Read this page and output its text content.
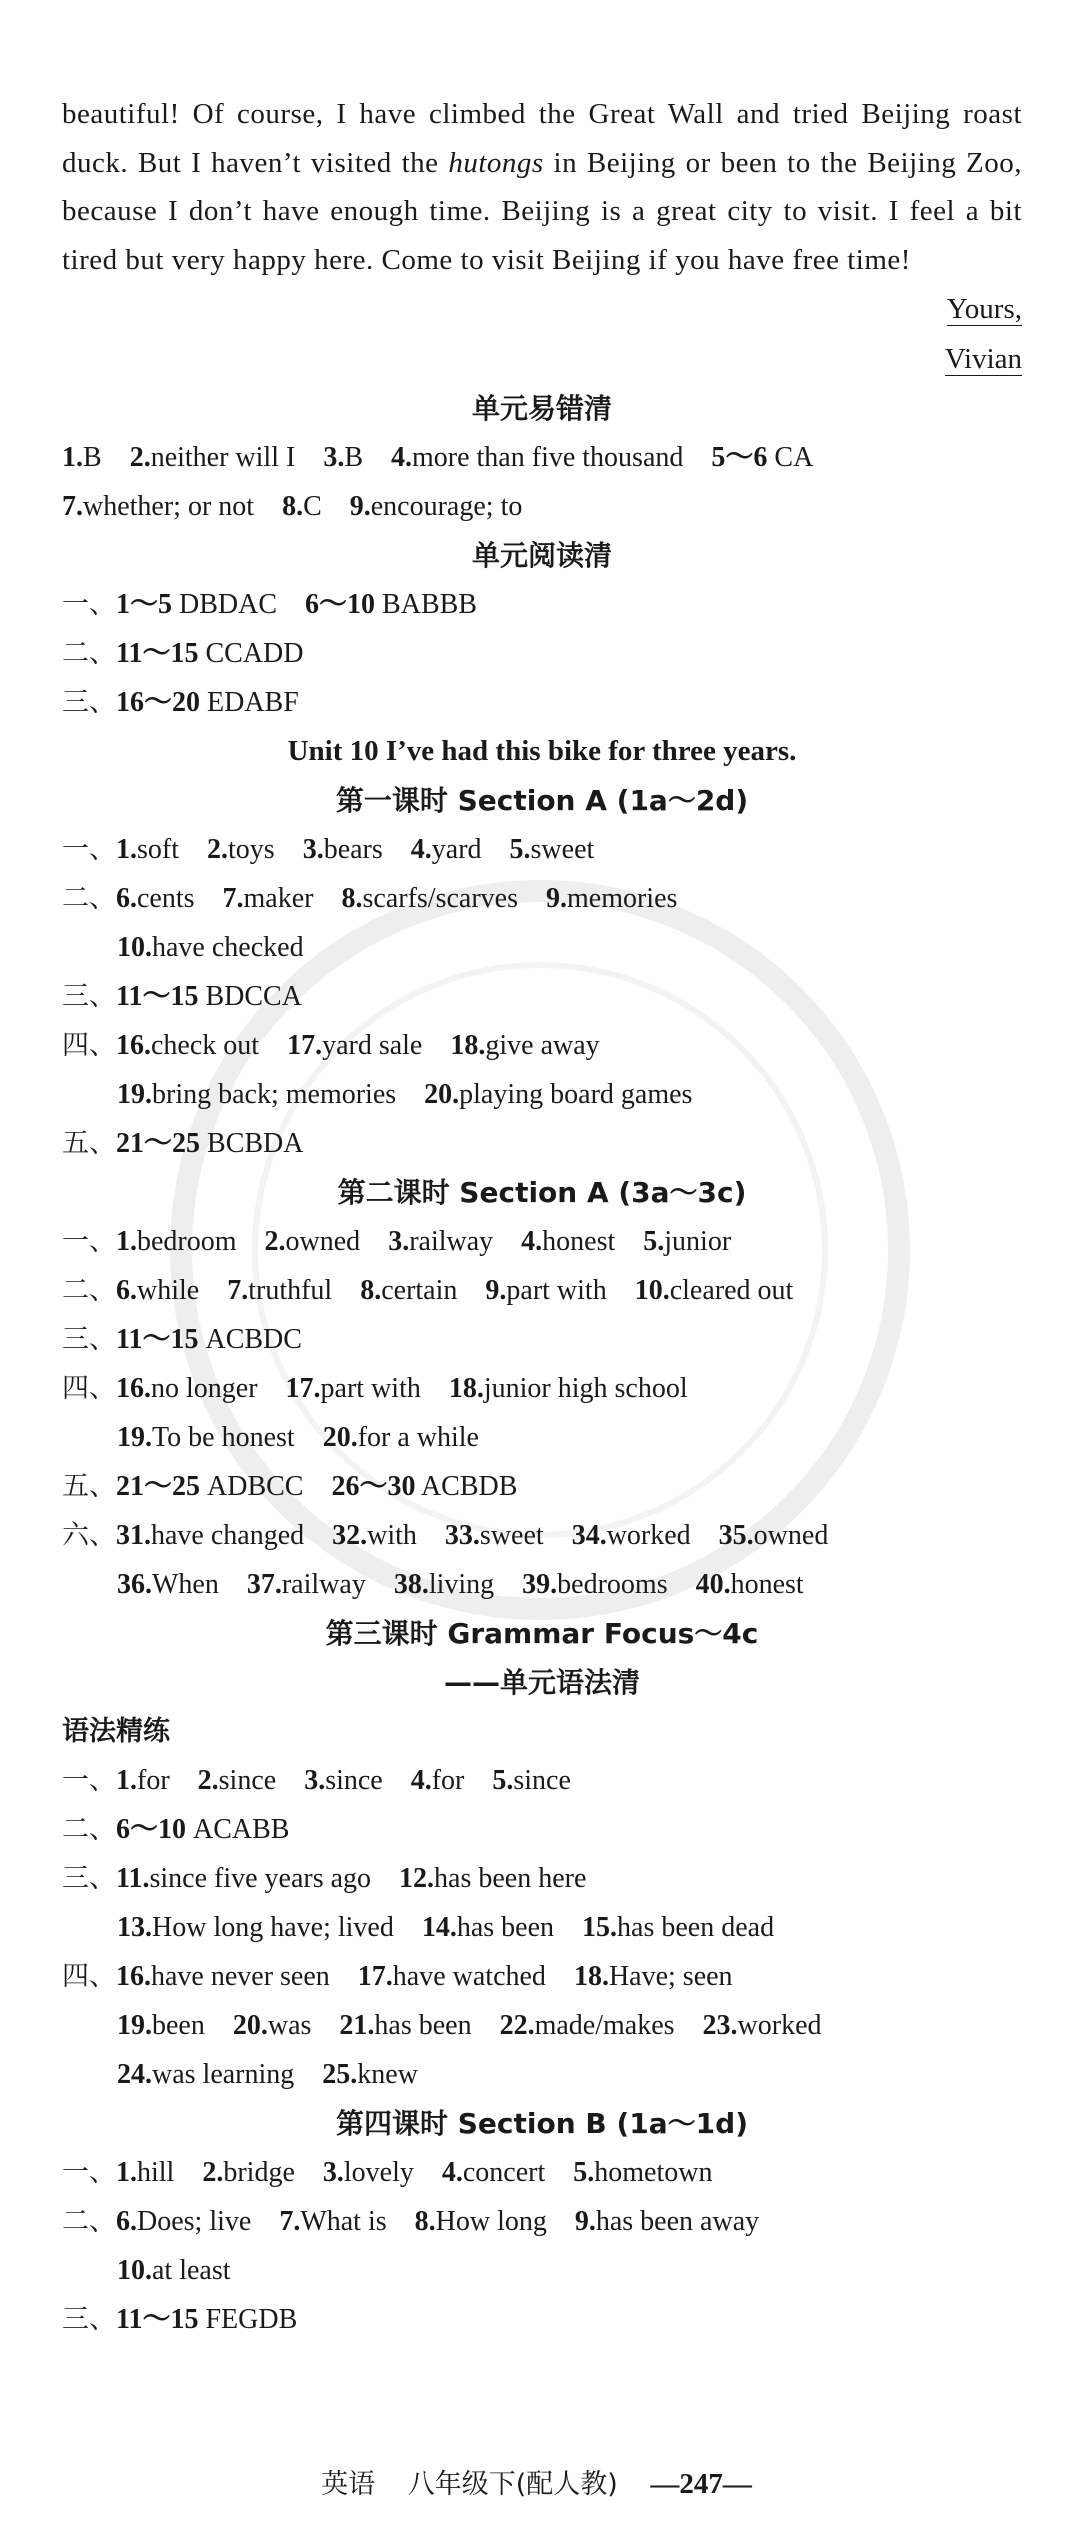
beautiful! Of course, I have climbed the Great Wall and tried Beijing roast duck. But I haven’t visited the hutongs in Beijing or been to the Beijing Zoo, because I don’t have enough time. Beijing is a great city to visit. I feel a bit tired but very happy here. Come to visit Beijing if you have free time!
Yours,
Vivian
单元易错清
1.B 2.neither will I 3.B 4.more than five thousand 5～6 CA
7.whether; or not 8.C 9.encourage; to
单元阅读清
一、1～5 DBDAC 6～10 BABBB
二、11～15 CCADD
三、16～20 EDABF
Unit 10 I’ve had this bike for three years.
第一课时 Section A (1a～2d)
一、1.soft 2.toys 3.bears 4.yard 5.sweet
二、6.cents 7.maker 8.scarfs/scarves 9.memories
10.have checked
三、11～15 BDCCA
四、16.check out 17.yard sale 18.give away
19.bring back; memories 20.playing board games
五、21～25 BCBDA
第二课时 Section A (3a～3c)
一、1.bedroom 2.owned 3.railway 4.honest 5.junior
二、6.while 7.truthful 8.certain 9.part with 10.cleared out
三、11～15 ACBDC
四、16.no longer 17.part with 18.junior high school
19.To be honest 20.for a while
五、21～25 ADBCC 26～30 ACBDB
六、31.have changed 32.with 33.sweet 34.worked 35.owned
36.When 37.railway 38.living 39.bedrooms 40.honest
第三课时 Grammar Focus～4c
——单元语法清
语法精练
一、1.for 2.since 3.since 4.for 5.since
二、6～10 ACABB
三、11.since five years ago 12.has been here
13.How long have; lived 14.has been 15.has been dead
四、16.have never seen 17.have watched 18.Have; seen
19.been 20.was 21.has been 22.made/makes 23.worked
24.was learning 25.knew
第四课时 Section B (1a～1d)
一、1.hill 2.bridge 3.lovely 4.concert 5.hometown
二、6.Does; live 7.What is 8.How long 9.has been away
10.at least
三、11～15 FEGDB
英语 八年级下(配人教) —247—
